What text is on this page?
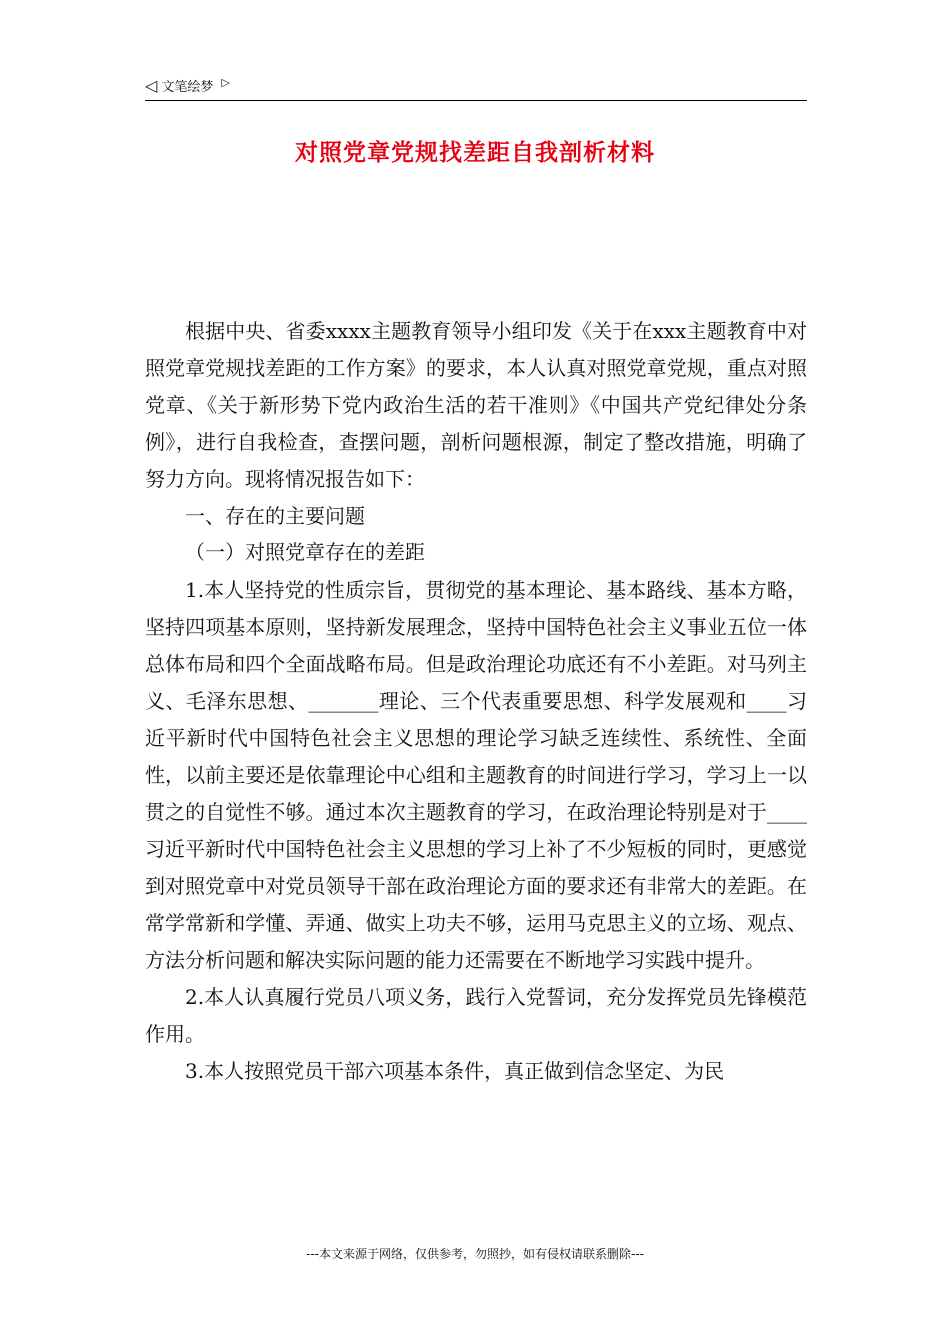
◁ 文笔绘梦 ▷
对照党章党规找差距自我剖析材料

根据中央、省委xxxx主题教育领导小组印发《关于在xxx主题教育中对照党章党规找差距的工作方案》的要求，本人认真对照党章党规，重点对照党章、《关于新形势下党内政治生活的若干准则》《中国共产党纪律处分条例》，进行自我检查，查摆问题，剖析问题根源，制定了整改措施，明确了努力方向。现将情况报告如下：

一、存在的主要问题

（一）对照党章存在的差距

1.本人坚持党的性质宗旨，贯彻党的基本理论、基本路线、基本方略，坚持四项基本原则，坚持新发展理念，坚持中国特色社会主义事业五位一体总体布局和四个全面战略布局。但是政治理论功底还有不小差距。对马列主义、毛泽东思想、_______理论、三个代表重要思想、科学发展观和____习近平新时代中国特色社会主义思想的理论学习缺乏连续性、系统性、全面性，以前主要还是依靠理论中心组和主题教育的时间进行学习，学习上一以贯之的自觉性不够。通过本次主题教育的学习，在政治理论特别是对于____习近平新时代中国特色社会主义思想的学习上补了不少短板的同时，更感觉到对照党章中对党员领导干部在政治理论方面的要求还有非常大的差距。在常学常新和学懂、弄通、做实上功夫不够，运用马克思主义的立场、观点、方法分析问题和解决实际问题的能力还需要在不断地学习实践中提升。

2.本人认真履行党员八项义务，践行入党誓词，充分发挥党员先锋模范作用。

3.本人按照党员干部六项基本条件，真正做到信念坚定、为民

---本文来源于网络，仅供参考，勿照抄，如有侵权请联系删除---
